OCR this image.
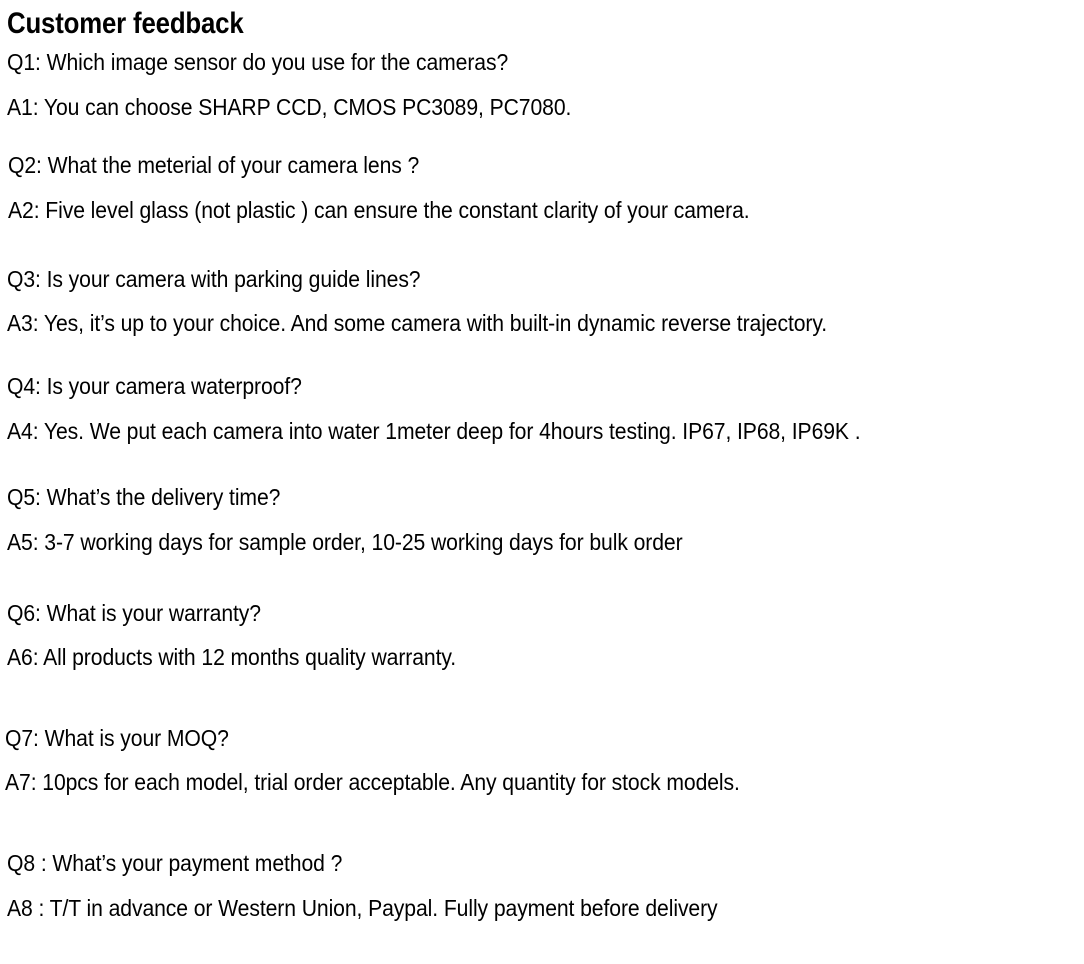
Customer feedback
Q1: Which image sensor do you use for the cameras?
A1: You can choose SHARP CCD, CMOS PC3089, PC7080.
Q2: What the meterial of your camera lens ?
A2: Five level glass (not plastic ) can ensure the constant clarity of your camera.
Q3: Is your camera with parking guide lines?
A3: Yes, it’s up to your choice. And some camera with built-in dynamic reverse trajectory.
Q4: Is your camera waterproof?
A4: Yes. We put each camera into water 1meter deep for 4hours testing. IP67, IP68, IP69K .
Q5: What’s the delivery time?
A5: 3-7 working days for sample order, 10-25 working days for bulk order
Q6: What is your warranty?
A6: All products with 12 months quality warranty.
Q7: What is your MOQ?
A7: 10pcs for each model, trial order acceptable. Any quantity for stock models.
Q8 : What’s your payment method ?
A8 : T/T in advance or Western Union, Paypal. Fully payment before delivery
